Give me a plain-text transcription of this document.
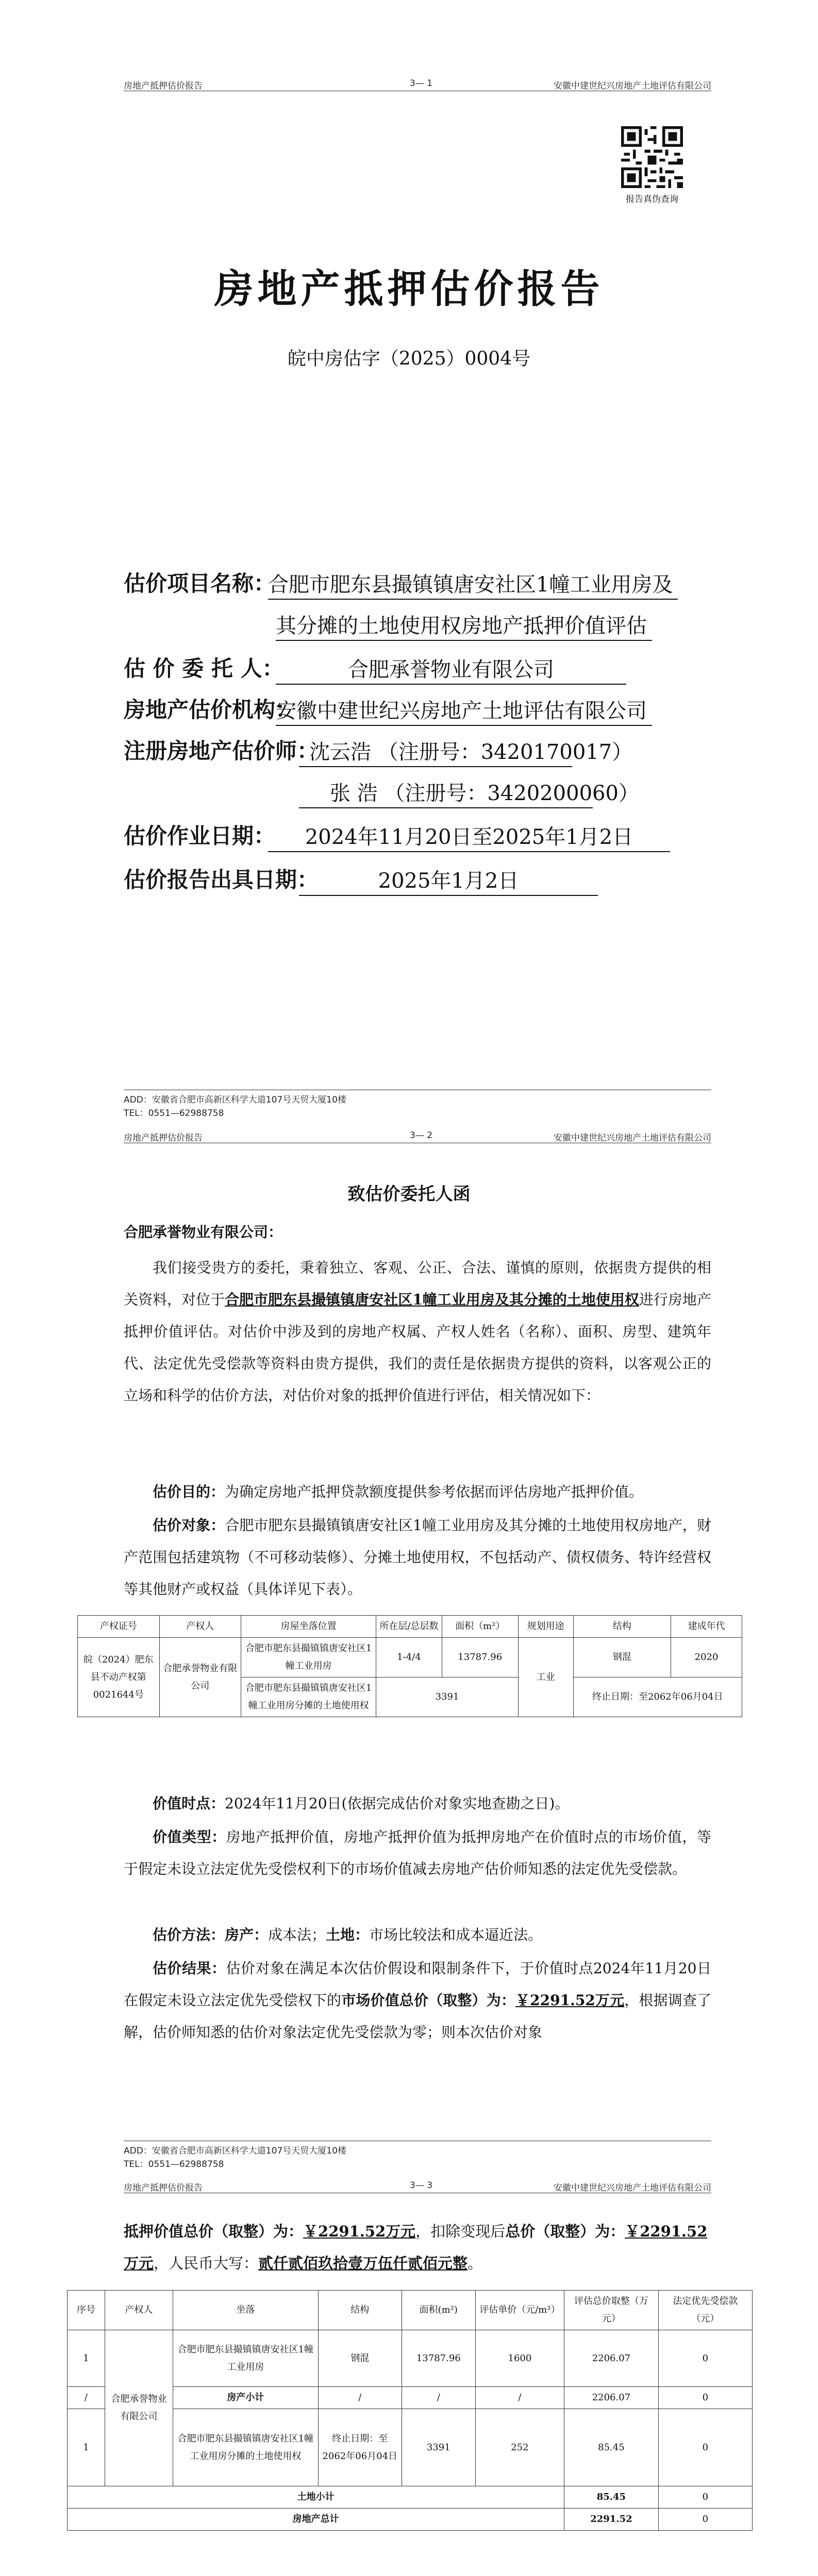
房地产抵押估价报告	3— 1	安徽中建世纪兴房地产土地评估有限公司
报告真伪查询
房地产抵押估价报告
皖中房估字（2025）0004号
估价项目名称：
合肥市肥东县撮镇镇唐安社区1幢工业用房及
其分摊的土地使用权房地产抵押价值评估
估 价 委 托 人：	合肥承誉物业有限公司
房地产估价机构：
安徽中建世纪兴房地产土地评估有限公司
注册房地产估价师：
沈云浩 （注册号：3420170017）
张 浩 （注册号：3420200060）
估价作业日期：	2024年11月20日至2025年1月2日
估价报告出具日期：	2025年1月2日
ADD：安徽省合肥市高新区科学大道107号天贸大厦10楼
TEL：0551—62988758
房地产抵押估价报告	3— 2	安徽中建世纪兴房地产土地评估有限公司
致估价委托人函
合肥承誉物业有限公司：
我们接受贵方的委托，秉着独立、客观、公正、合法、谨慎的原则，依据贵方提供的相关资料，对位于合肥市肥东县撮镇镇唐安社区1幢工业用房及其分摊的土地使用权进行房地产抵押价值评估。对估价中涉及到的房地产权属、产权人姓名（名称）、面积、房型、建筑年代、法定优先受偿款等资料由贵方提供，我们的责任是依据贵方提供的资料，以客观公正的立场和科学的估价方法，对估价对象的抵押价值进行评估，相关情况如下：
估价目的：为确定房地产抵押贷款额度提供参考依据而评估房地产抵押价值。
估价对象：合肥市肥东县撮镇镇唐安社区1幢工业用房及其分摊的土地使用权房地产，财产范围包括建筑物（不可移动装修）、分摊土地使用权，不包括动产、债权债务、特许经营权等其他财产或权益（具体详见下表）。
产权证号	产权人	房屋坐落位置	所在层/总层数	面积（m²）	规划用途	结构	建成年代
皖（2024）肥东县不动产权第0021644号	合肥承誉物业有限公司	合肥市肥东县撮镇镇唐安社区1幢工业用房	1-4/4	13787.96	工业	钢混	2020
		合肥市肥东县撮镇镇唐安社区1幢工业用房分摊的土地使用权	3391			终止日期：至2062年06月04日	
价值时点：2024年11月20日(依据完成估价对象实地查勘之日)。
价值类型：房地产抵押价值，房地产抵押价值为抵押房地产在价值时点的市场价值，等于假定未设立法定优先受偿权利下的市场价值减去房地产估价师知悉的法定优先受偿款。
估价方法：房产：成本法；土地：市场比较法和成本逼近法。
估价结果：估价对象在满足本次估价假设和限制条件下，于价值时点2024年11月20日在假定未设立法定优先受偿权下的市场价值总价（取整）为：￥2291.52万元，根据调查了解，估价师知悉的估价对象法定优先受偿款为零；则本次估价对象
ADD：安徽省合肥市高新区科学大道107号天贸大厦10楼
TEL：0551—62988758
房地产抵押估价报告	3— 3	安徽中建世纪兴房地产土地评估有限公司
抵押价值总价（取整）为：￥2291.52万元，扣除变现后总价（取整）为：￥2291.52
万元，人民币大写：贰仟贰佰玖拾壹万伍仟贰佰元整。
序号	产权人	坐落	结构	面积(m²)	评估单价（元/m²）	评估总价取整（万元）	法定优先受偿款（元）
1	合肥承誉物业有限公司	合肥市肥东县撮镇镇唐安社区1幢工业用房	钢混	13787.96	1600	2206.07	0
/		房产小计	/	/	/	2206.07	0
1		合肥市肥东县撮镇镇唐安社区1幢工业用房分摊的土地使用权	终止日期：至2062年06月04日	3391	252	85.45	0
土地小计						85.45	0
房地产总计						2291.52	0
